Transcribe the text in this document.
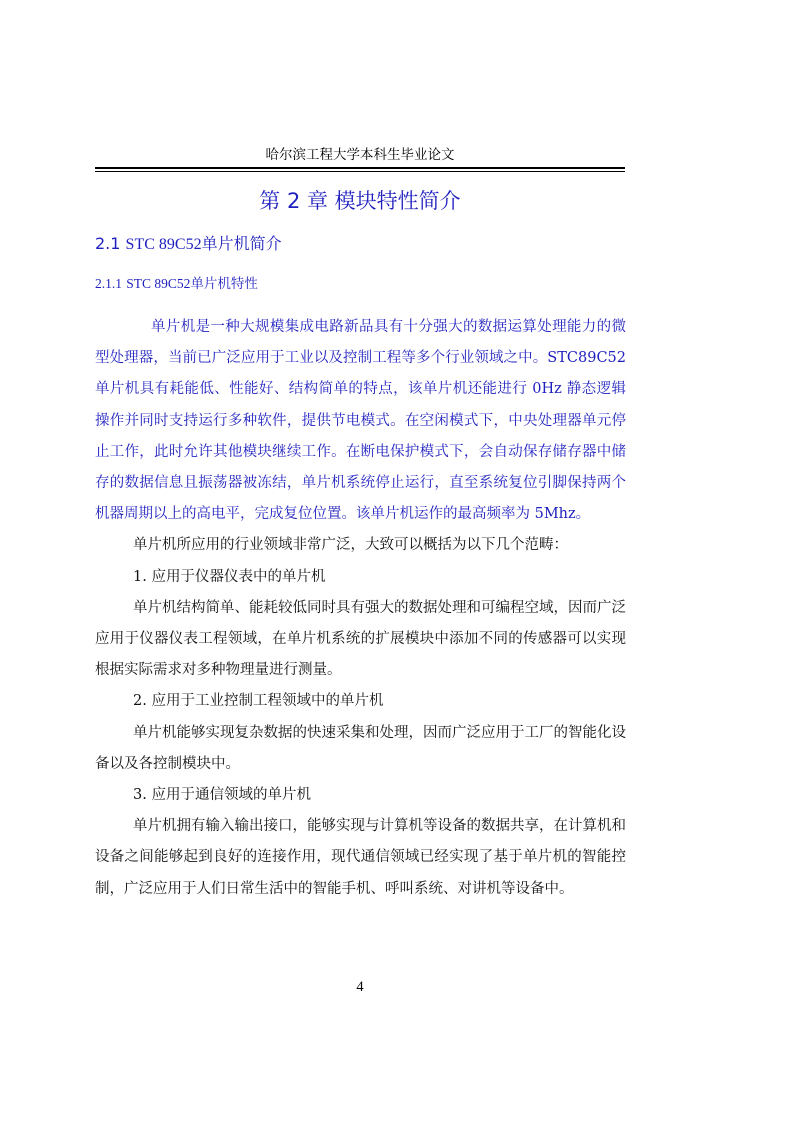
哈尔滨工程大学本科生毕业论文
第 2 章 模块特性简介
2.1 STC 89C52单片机简介
2.1.1 STC 89C52单片机特性

单片机是一种大规模集成电路新品具有十分强大的数据运算处理能力的微型处理器，当前已广泛应用于工业以及控制工程等多个行业领域之中。STC89C52 单片机具有耗能低、性能好、结构简单的特点，该单片机还能进行 0Hz 静态逻辑操作并同时支持运行多种软件，提供节电模式。在空闲模式下，中央处理器单元停止工作，此时允许其他模块继续工作。在断电保护模式下，会自动保存储存器中储存的数据信息且振荡器被冻结，单片机系统停止运行，直至系统复位引脚保持两个机器周期以上的高电平，完成复位位置。该单片机运作的最高频率为 5Mhz。

单片机所应用的行业领域非常广泛，大致可以概括为以下几个范畴：

1. 应用于仪器仪表中的单片机

单片机结构简单、能耗较低同时具有强大的数据处理和可编程空域，因而广泛应用于仪器仪表工程领域，在单片机系统的扩展模块中添加不同的传感器可以实现根据实际需求对多种物理量进行测量。

2. 应用于工业控制工程领域中的单片机

单片机能够实现复杂数据的快速采集和处理，因而广泛应用于工厂的智能化设备以及各控制模块中。

3. 应用于通信领域的单片机

单片机拥有输入输出接口，能够实现与计算机等设备的数据共享，在计算机和设备之间能够起到良好的连接作用，现代通信领域已经实现了基于单片机的智能控制，广泛应用于人们日常生活中的智能手机、呼叫系统、对讲机等设备中。

4
